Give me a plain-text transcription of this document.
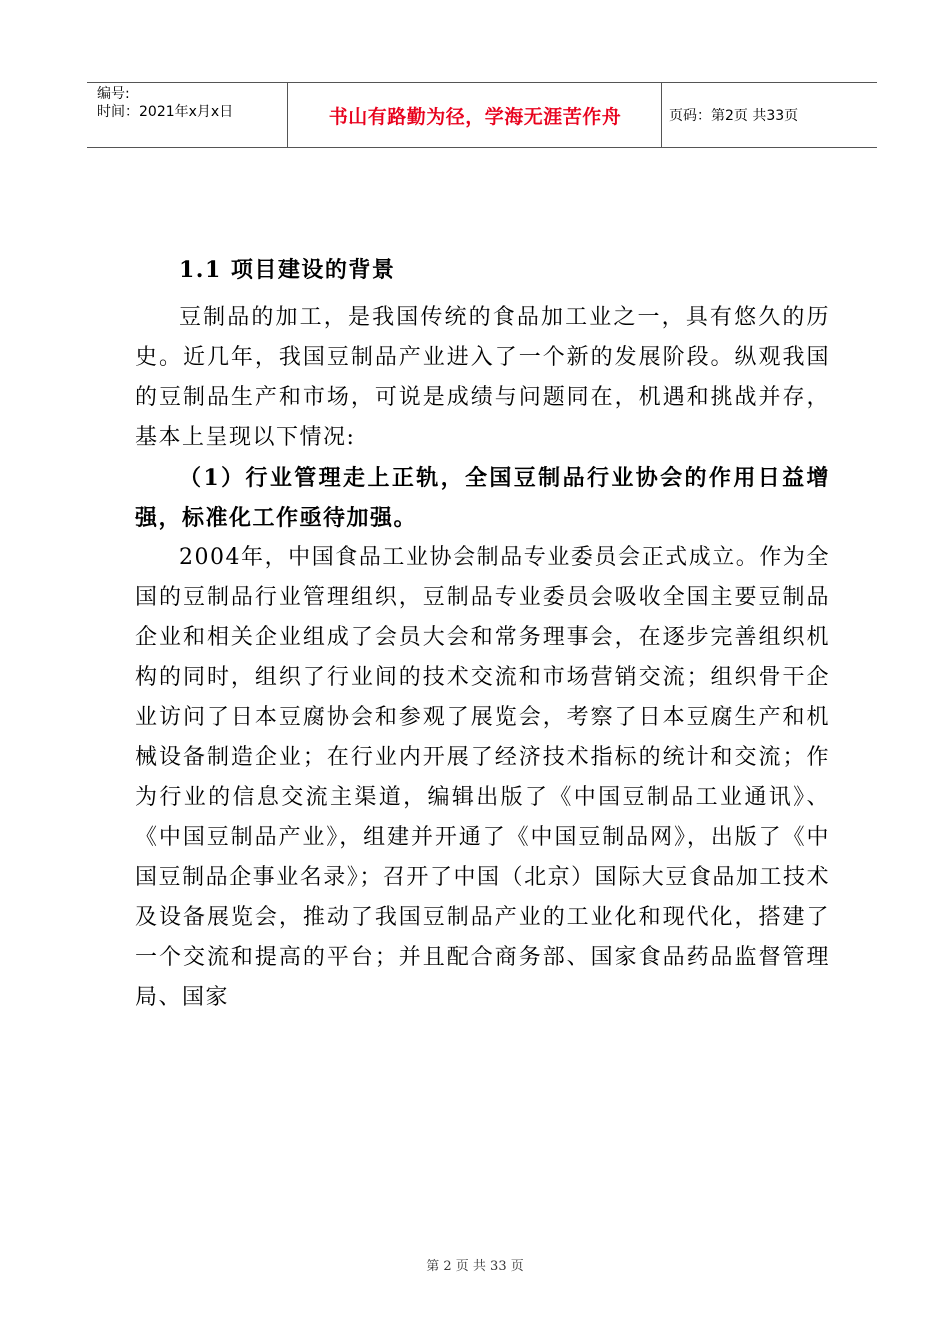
编号:
时间：2021年x月x日	书山有路勤为径，学海无涯苦作舟	页码：第2页 共33页

1.1 项目建设的背景

豆制品的加工，是我国传统的食品加工业之一，具有悠久的历史。近几年，我国豆制品产业进入了一个新的发展阶段。纵观我国的豆制品生产和市场，可说是成绩与问题同在，机遇和挑战并存，基本上呈现以下情况:

（1）行业管理走上正轨，全国豆制品行业协会的作用日益增强，标准化工作亟待加强。

2004年，中国食品工业协会制品专业委员会正式成立。作为全国的豆制品行业管理组织，豆制品专业委员会吸收全国主要豆制品企业和相关企业组成了会员大会和常务理事会，在逐步完善组织机构的同时，组织了行业间的技术交流和市场营销交流；组织骨干企业访问了日本豆腐协会和参观了展览会，考察了日本豆腐生产和机械设备制造企业；在行业内开展了经济技术指标的统计和交流；作为行业的信息交流主渠道，编辑出版了《中国豆制品工业通讯》、《中国豆制品产业》，组建并开通了《中国豆制品网》，出版了《中国豆制品企事业名录》；召开了中国（北京）国际大豆食品加工技术及设备展览会，推动了我国豆制品产业的工业化和现代化，搭建了一个交流和提高的平台；并且配合商务部、国家食品药品监督管理局、国家

第 2 页 共 33 页
